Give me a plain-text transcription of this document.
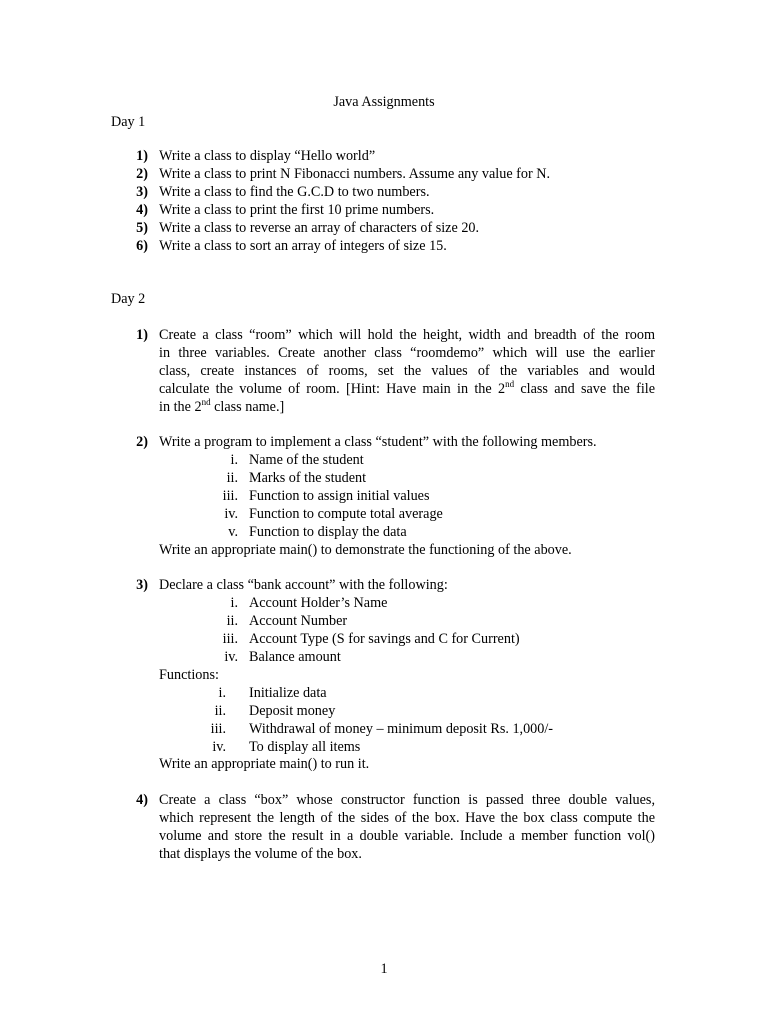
Java Assignments
Day 1
1) Write a class to display “Hello world”
2) Write a class to print N Fibonacci numbers. Assume any value for N.
3) Write a class to find the G.C.D to two numbers.
4) Write a class to print the first 10 prime numbers.
5) Write a class to reverse an array of characters of size 20.
6) Write a class to sort an array of integers of size 15.
Day 2
1) Create a class “room” which will hold the height, width and breadth of the room
in three variables. Create another class “roomdemo” which will use the earlier
class, create instances of rooms, set the values of the variables and would
calculate the volume of room. [Hint: Have main in the 2nd class and save the file
in the 2nd class name.]
2) Write a program to implement a class “student” with the following members.
i. Name of the student
ii. Marks of the student
iii. Function to assign initial values
iv. Function to compute total average
v. Function to display the data
Write an appropriate main() to demonstrate the functioning of the above.
3) Declare a class “bank account” with the following:
i. Account Holder’s Name
ii. Account Number
iii. Account Type (S for savings and C for Current)
iv. Balance amount
Functions:
i. Initialize data
ii. Deposit money
iii. Withdrawal of money – minimum deposit Rs. 1,000/-
iv. To display all items
Write an appropriate main() to run it.
4) Create a class “box” whose constructor function is passed three double values,
which represent the length of the sides of the box. Have the box class compute the
volume and store the result in a double variable. Include a member function vol()
that displays the volume of the box.
1
